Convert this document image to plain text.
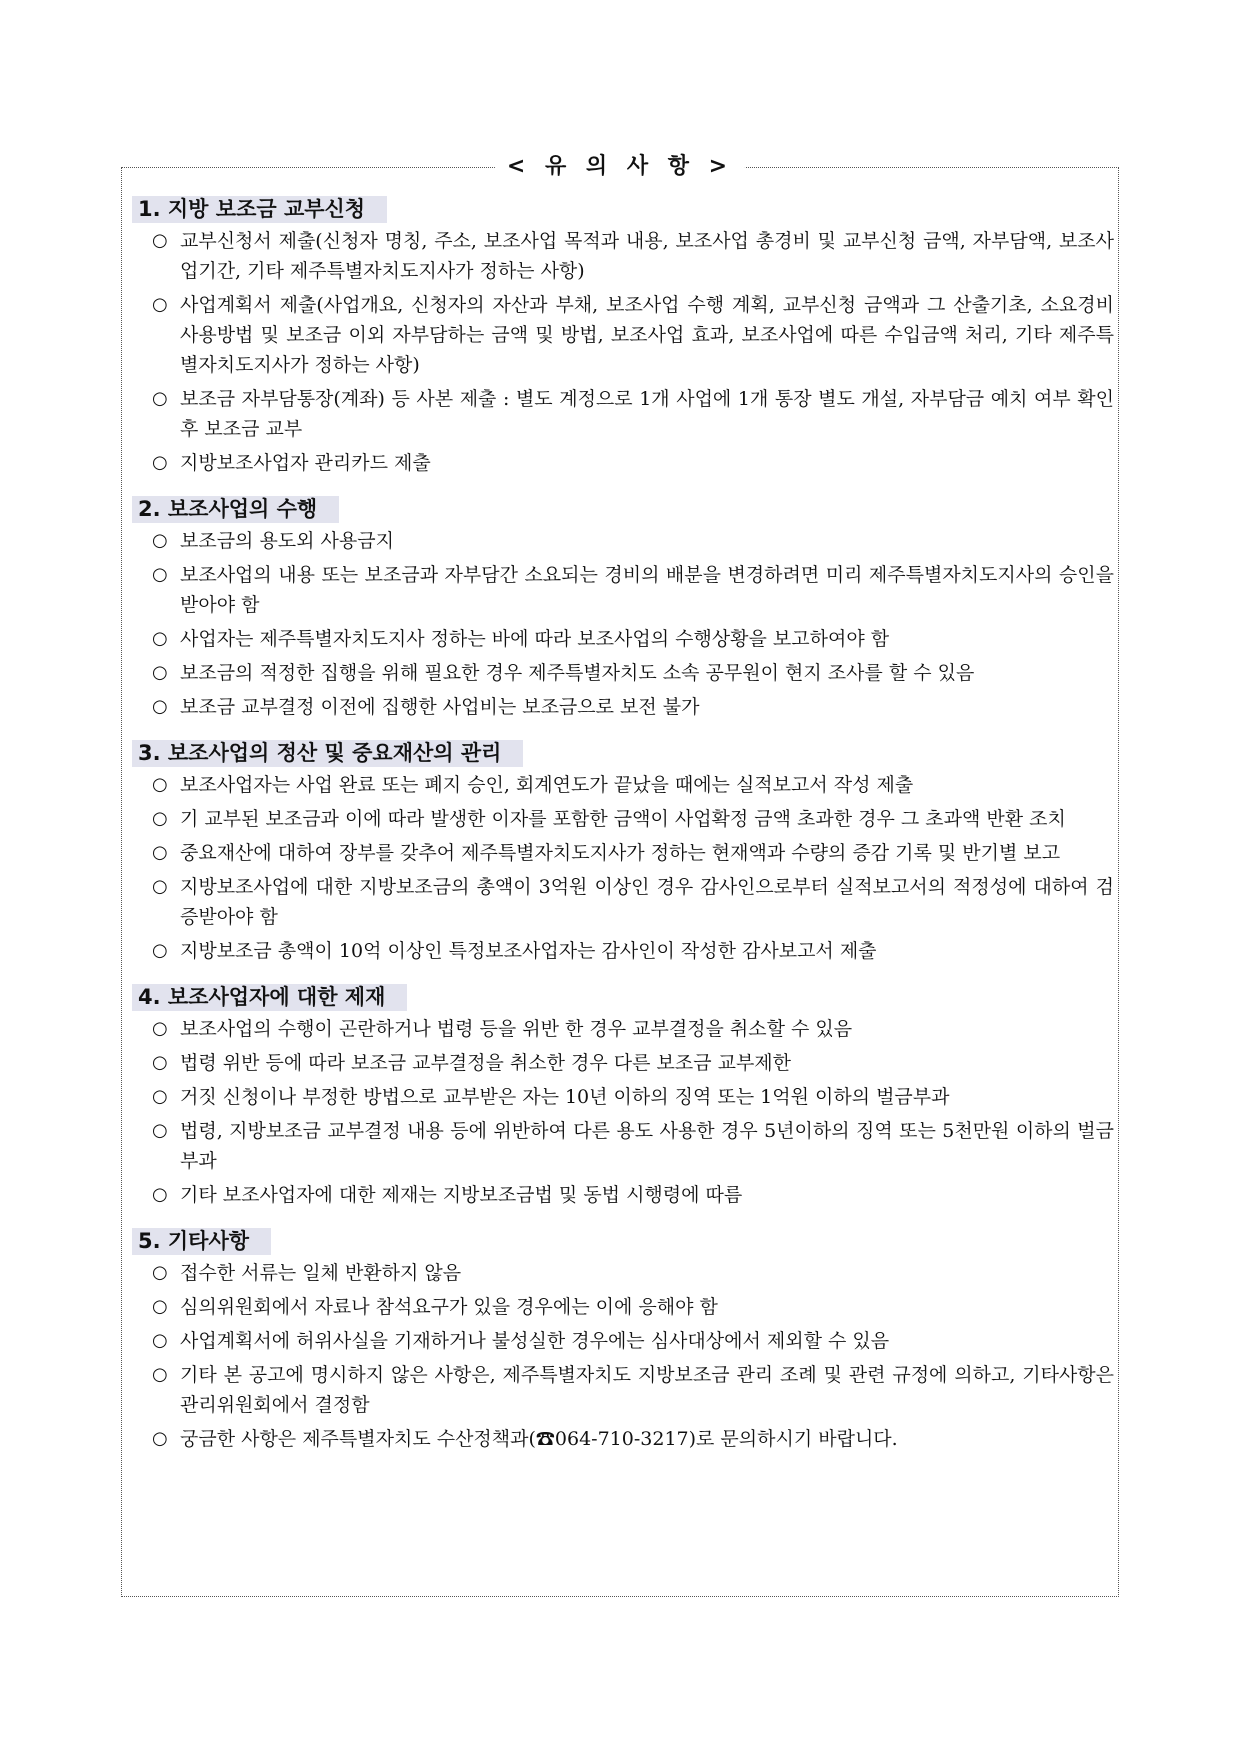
< 유 의 사 항 >
1. 지방 보조금 교부신청
○ 교부신청서 제출(신청자 명칭, 주소, 보조사업 목적과 내용, 보조사업 총경비 및 교부신청 금액, 자부담액, 보조사업기간, 기타 제주특별자치도지사가 정하는 사항)
○ 사업계획서 제출(사업개요, 신청자의 자산과 부채, 보조사업 수행 계획, 교부신청 금액과 그 산출기초, 소요경비 사용방법 및 보조금 이외 자부담하는 금액 및 방법, 보조사업 효과, 보조사업에 따른 수입금액 처리, 기타 제주특별자치도지사가 정하는 사항)
○ 보조금 자부담통장(계좌) 등 사본 제출 : 별도 계정으로 1개 사업에 1개 통장 별도 개설, 자부담금 예치 여부 확인 후 보조금 교부
○ 지방보조사업자 관리카드 제출
2. 보조사업의 수행
○ 보조금의 용도외 사용금지
○ 보조사업의 내용 또는 보조금과 자부담간 소요되는 경비의 배분을 변경하려면 미리 제주특별자치도지사의 승인을 받아야 함
○ 사업자는 제주특별자치도지사 정하는 바에 따라 보조사업의 수행상황을 보고하여야 함
○ 보조금의 적정한 집행을 위해 필요한 경우 제주특별자치도 소속 공무원이 현지 조사를 할 수 있음
○ 보조금 교부결정 이전에 집행한 사업비는 보조금으로 보전 불가
3. 보조사업의 정산 및 중요재산의 관리
○ 보조사업자는 사업 완료 또는 폐지 승인, 회계연도가 끝났을 때에는 실적보고서 작성 제출
○ 기 교부된 보조금과 이에 따라 발생한 이자를 포함한 금액이 사업확정 금액 초과한 경우 그 초과액 반환 조치
○ 중요재산에 대하여 장부를 갖추어 제주특별자치도지사가 정하는 현재액과 수량의 증감 기록 및 반기별 보고
○ 지방보조사업에 대한 지방보조금의 총액이 3억원 이상인 경우 감사인으로부터 실적보고서의 적정성에 대하여 검증받아야 함
○ 지방보조금 총액이 10억 이상인 특정보조사업자는 감사인이 작성한 감사보고서 제출
4. 보조사업자에 대한 제재
○ 보조사업의 수행이 곤란하거나 법령 등을 위반 한 경우 교부결정을 취소할 수 있음
○ 법령 위반 등에 따라 보조금 교부결정을 취소한 경우 다른 보조금 교부제한
○ 거짓 신청이나 부정한 방법으로 교부받은 자는 10년 이하의 징역 또는 1억원 이하의 벌금부과
○ 법령, 지방보조금 교부결정 내용 등에 위반하여 다른 용도 사용한 경우 5년이하의 징역 또는 5천만원 이하의 벌금 부과
○ 기타 보조사업자에 대한 제재는 지방보조금법 및 동법 시행령에 따름
5. 기타사항
○ 접수한 서류는 일체 반환하지 않음
○ 심의위원회에서 자료나 참석요구가 있을 경우에는 이에 응해야 함
○ 사업계획서에 허위사실을 기재하거나 불성실한 경우에는 심사대상에서 제외할 수 있음
○ 기타 본 공고에 명시하지 않은 사항은, 제주특별자치도 지방보조금 관리 조례 및 관련 규정에 의하고, 기타사항은 관리위원회에서 결정함
○ 궁금한 사항은 제주특별자치도 수산정책과(☎064-710-3217)로 문의하시기 바랍니다.
